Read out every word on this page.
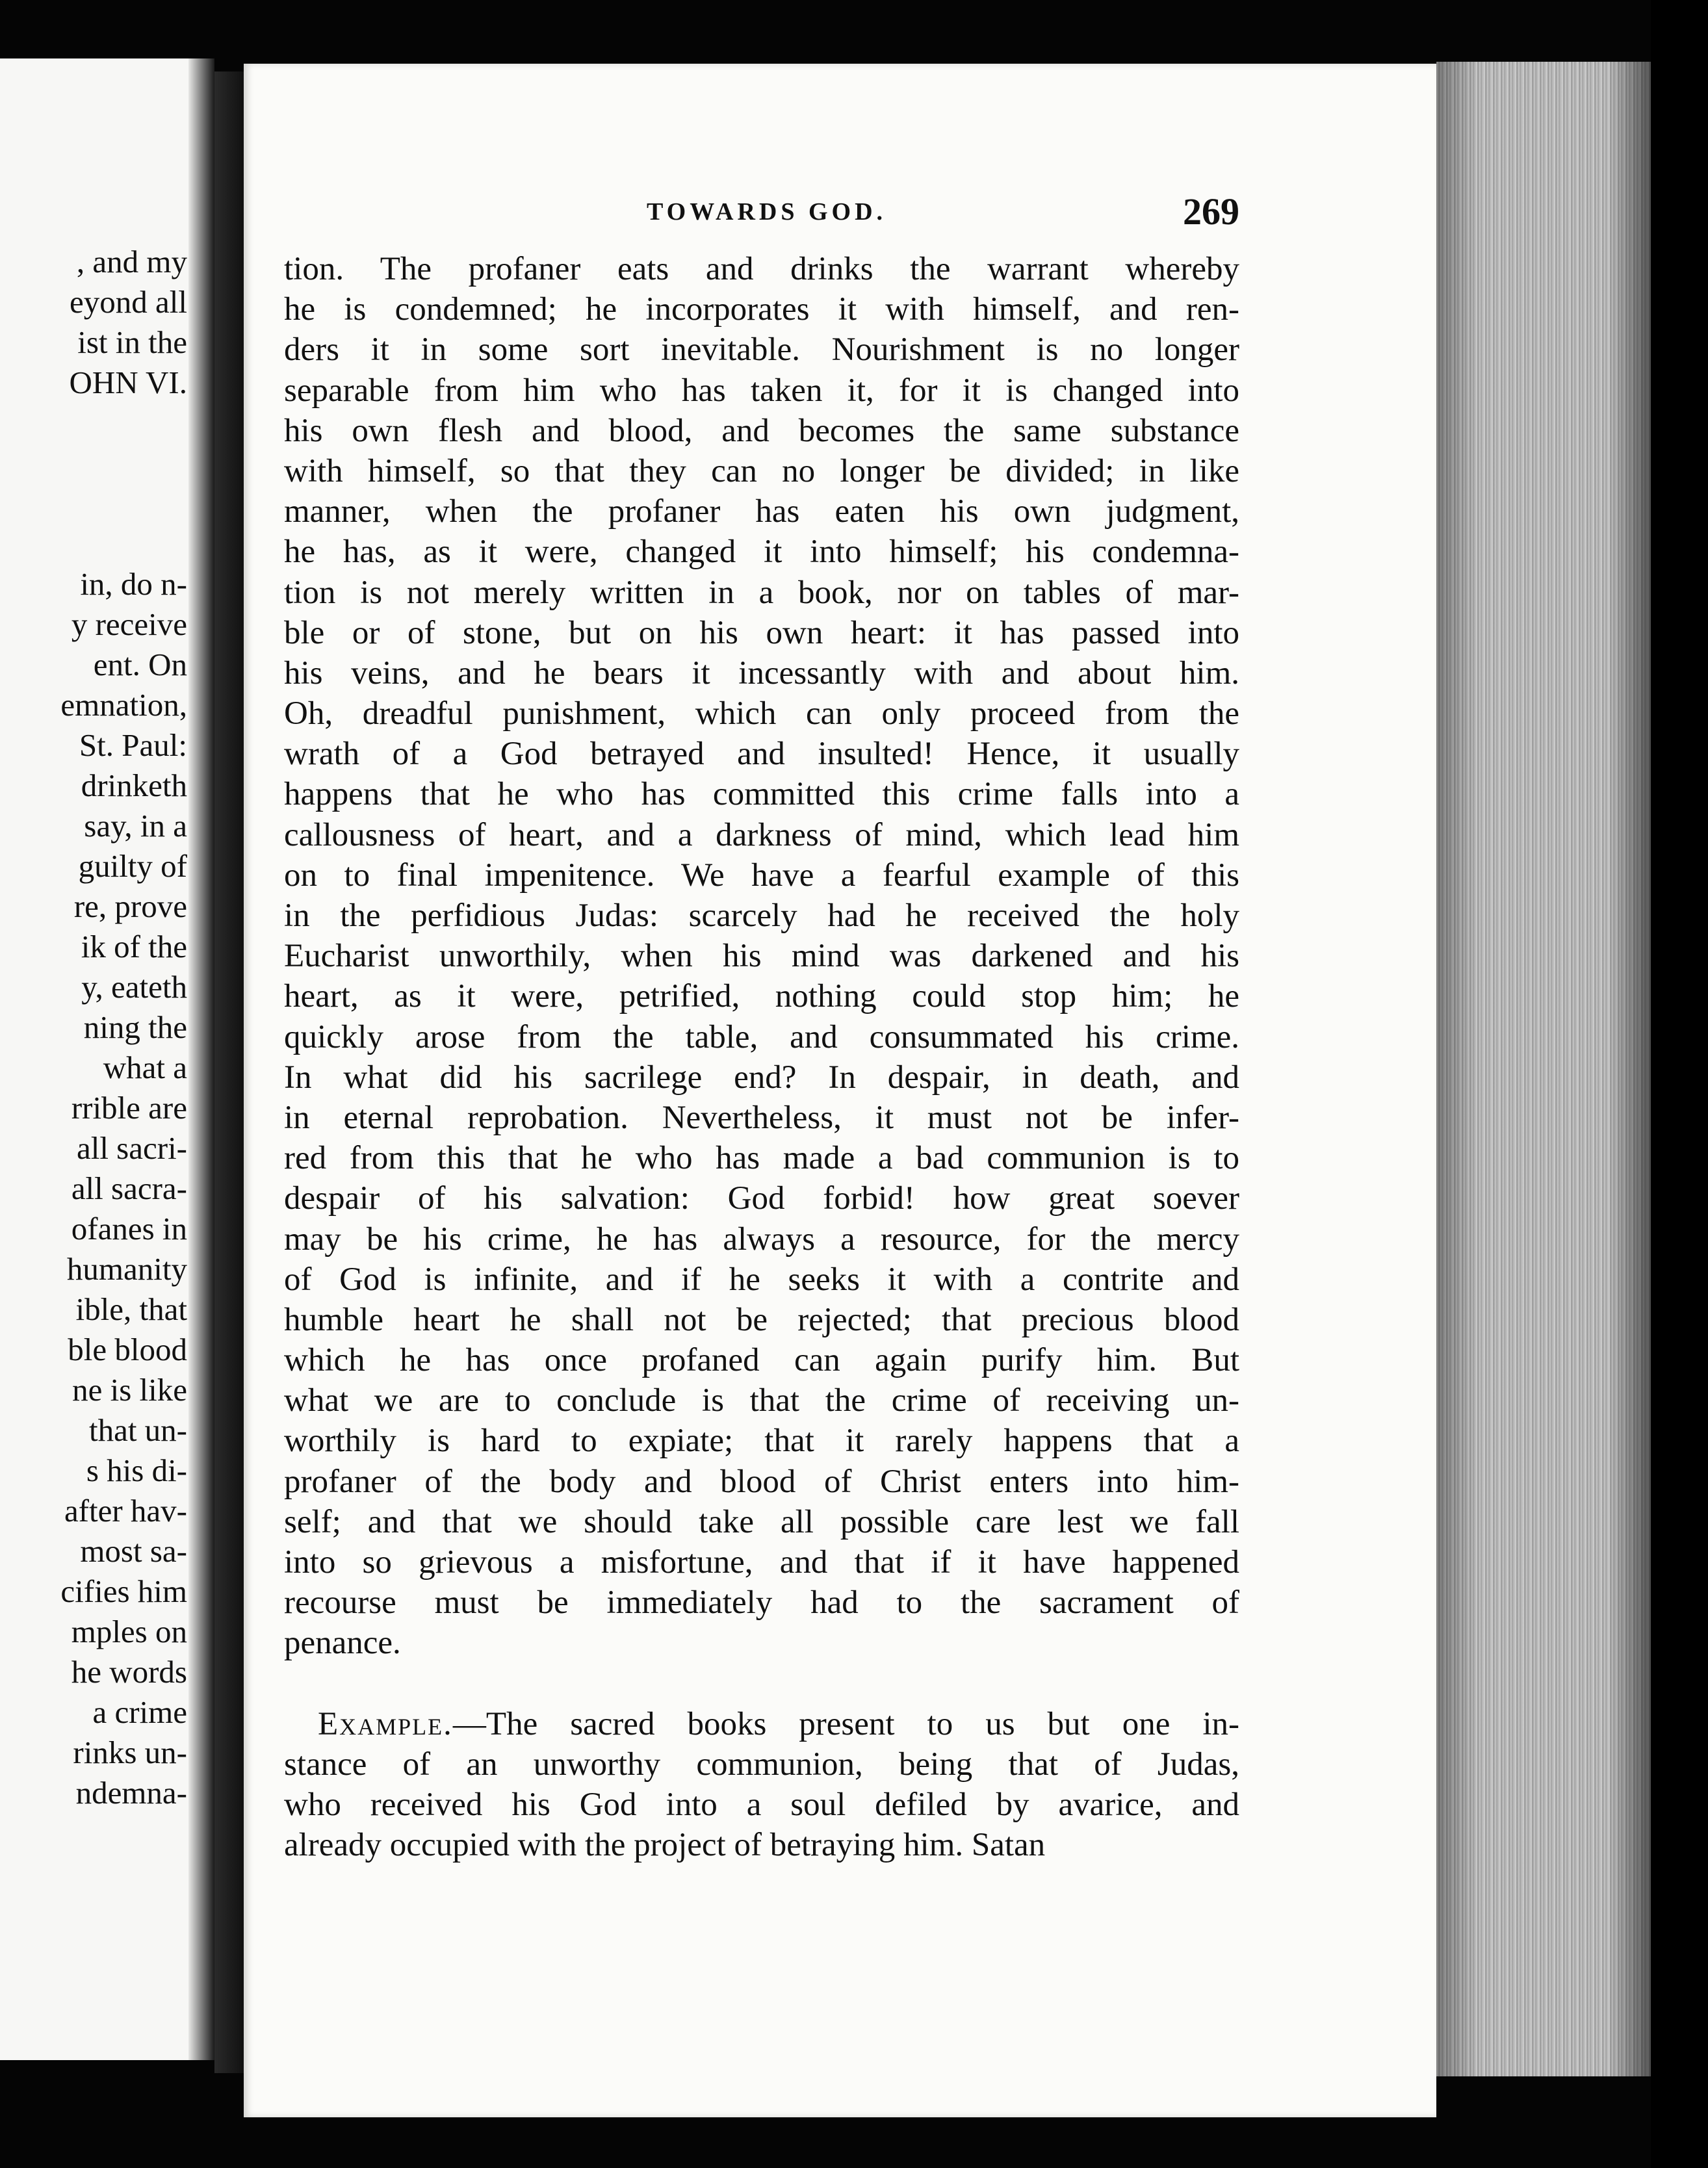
, and my
eyond all
ist in the
OHN VI.
in, do n-
y receive
ent. On
emnation,
St. Paul:
drinketh
say, in a
guilty of
re, prove
ik of the
y, eateth
ning the
what a
rrible are
all sacri-
all sacra-
ofanes in
humanity
ible, that
ble blood
ne is like
that un-
s his di-
after hav-
most sa-
cifies him
mples on
he words
a crime
rinks un-
ndemna-
TOWARDS GOD.	269
tion. The profaner eats and drinks the warrant whereby
he is condemned; he incorporates it with himself, and ren-
ders it in some sort inevitable. Nourishment is no longer
separable from him who has taken it, for it is changed into
his own flesh and blood, and becomes the same substance
with himself, so that they can no longer be divided; in like
manner, when the profaner has eaten his own judgment,
he has, as it were, changed it into himself; his condemna-
tion is not merely written in a book, nor on tables of mar-
ble or of stone, but on his own heart: it has passed into
his veins, and he bears it incessantly with and about him.
Oh, dreadful punishment, which can only proceed from the
wrath of a God betrayed and insulted! Hence, it usually
happens that he who has committed this crime falls into a
callousness of heart, and a darkness of mind, which lead him
on to final impenitence. We have a fearful example of this
in the perfidious Judas: scarcely had he received the holy
Eucharist unworthily, when his mind was darkened and his
heart, as it were, petrified, nothing could stop him; he
quickly arose from the table, and consummated his crime.
In what did his sacrilege end? In despair, in death, and
in eternal reprobation. Nevertheless, it must not be infer-
red from this that he who has made a bad communion is to
despair of his salvation: God forbid! how great soever
may be his crime, he has always a resource, for the mercy
of God is infinite, and if he seeks it with a contrite and
humble heart he shall not be rejected; that precious blood
which he has once profaned can again purify him. But
what we are to conclude is that the crime of receiving un-
worthily is hard to expiate; that it rarely happens that a
profaner of the body and blood of Christ enters into him-
self; and that we should take all possible care lest we fall
into so grievous a misfortune, and that if it have happened
recourse must be immediately had to the sacrament of
penance.
Example.—The sacred books present to us but one in-
stance of an unworthy communion, being that of Judas,
who received his God into a soul defiled by avarice, and
already occupied with the project of betraying him. Satan
